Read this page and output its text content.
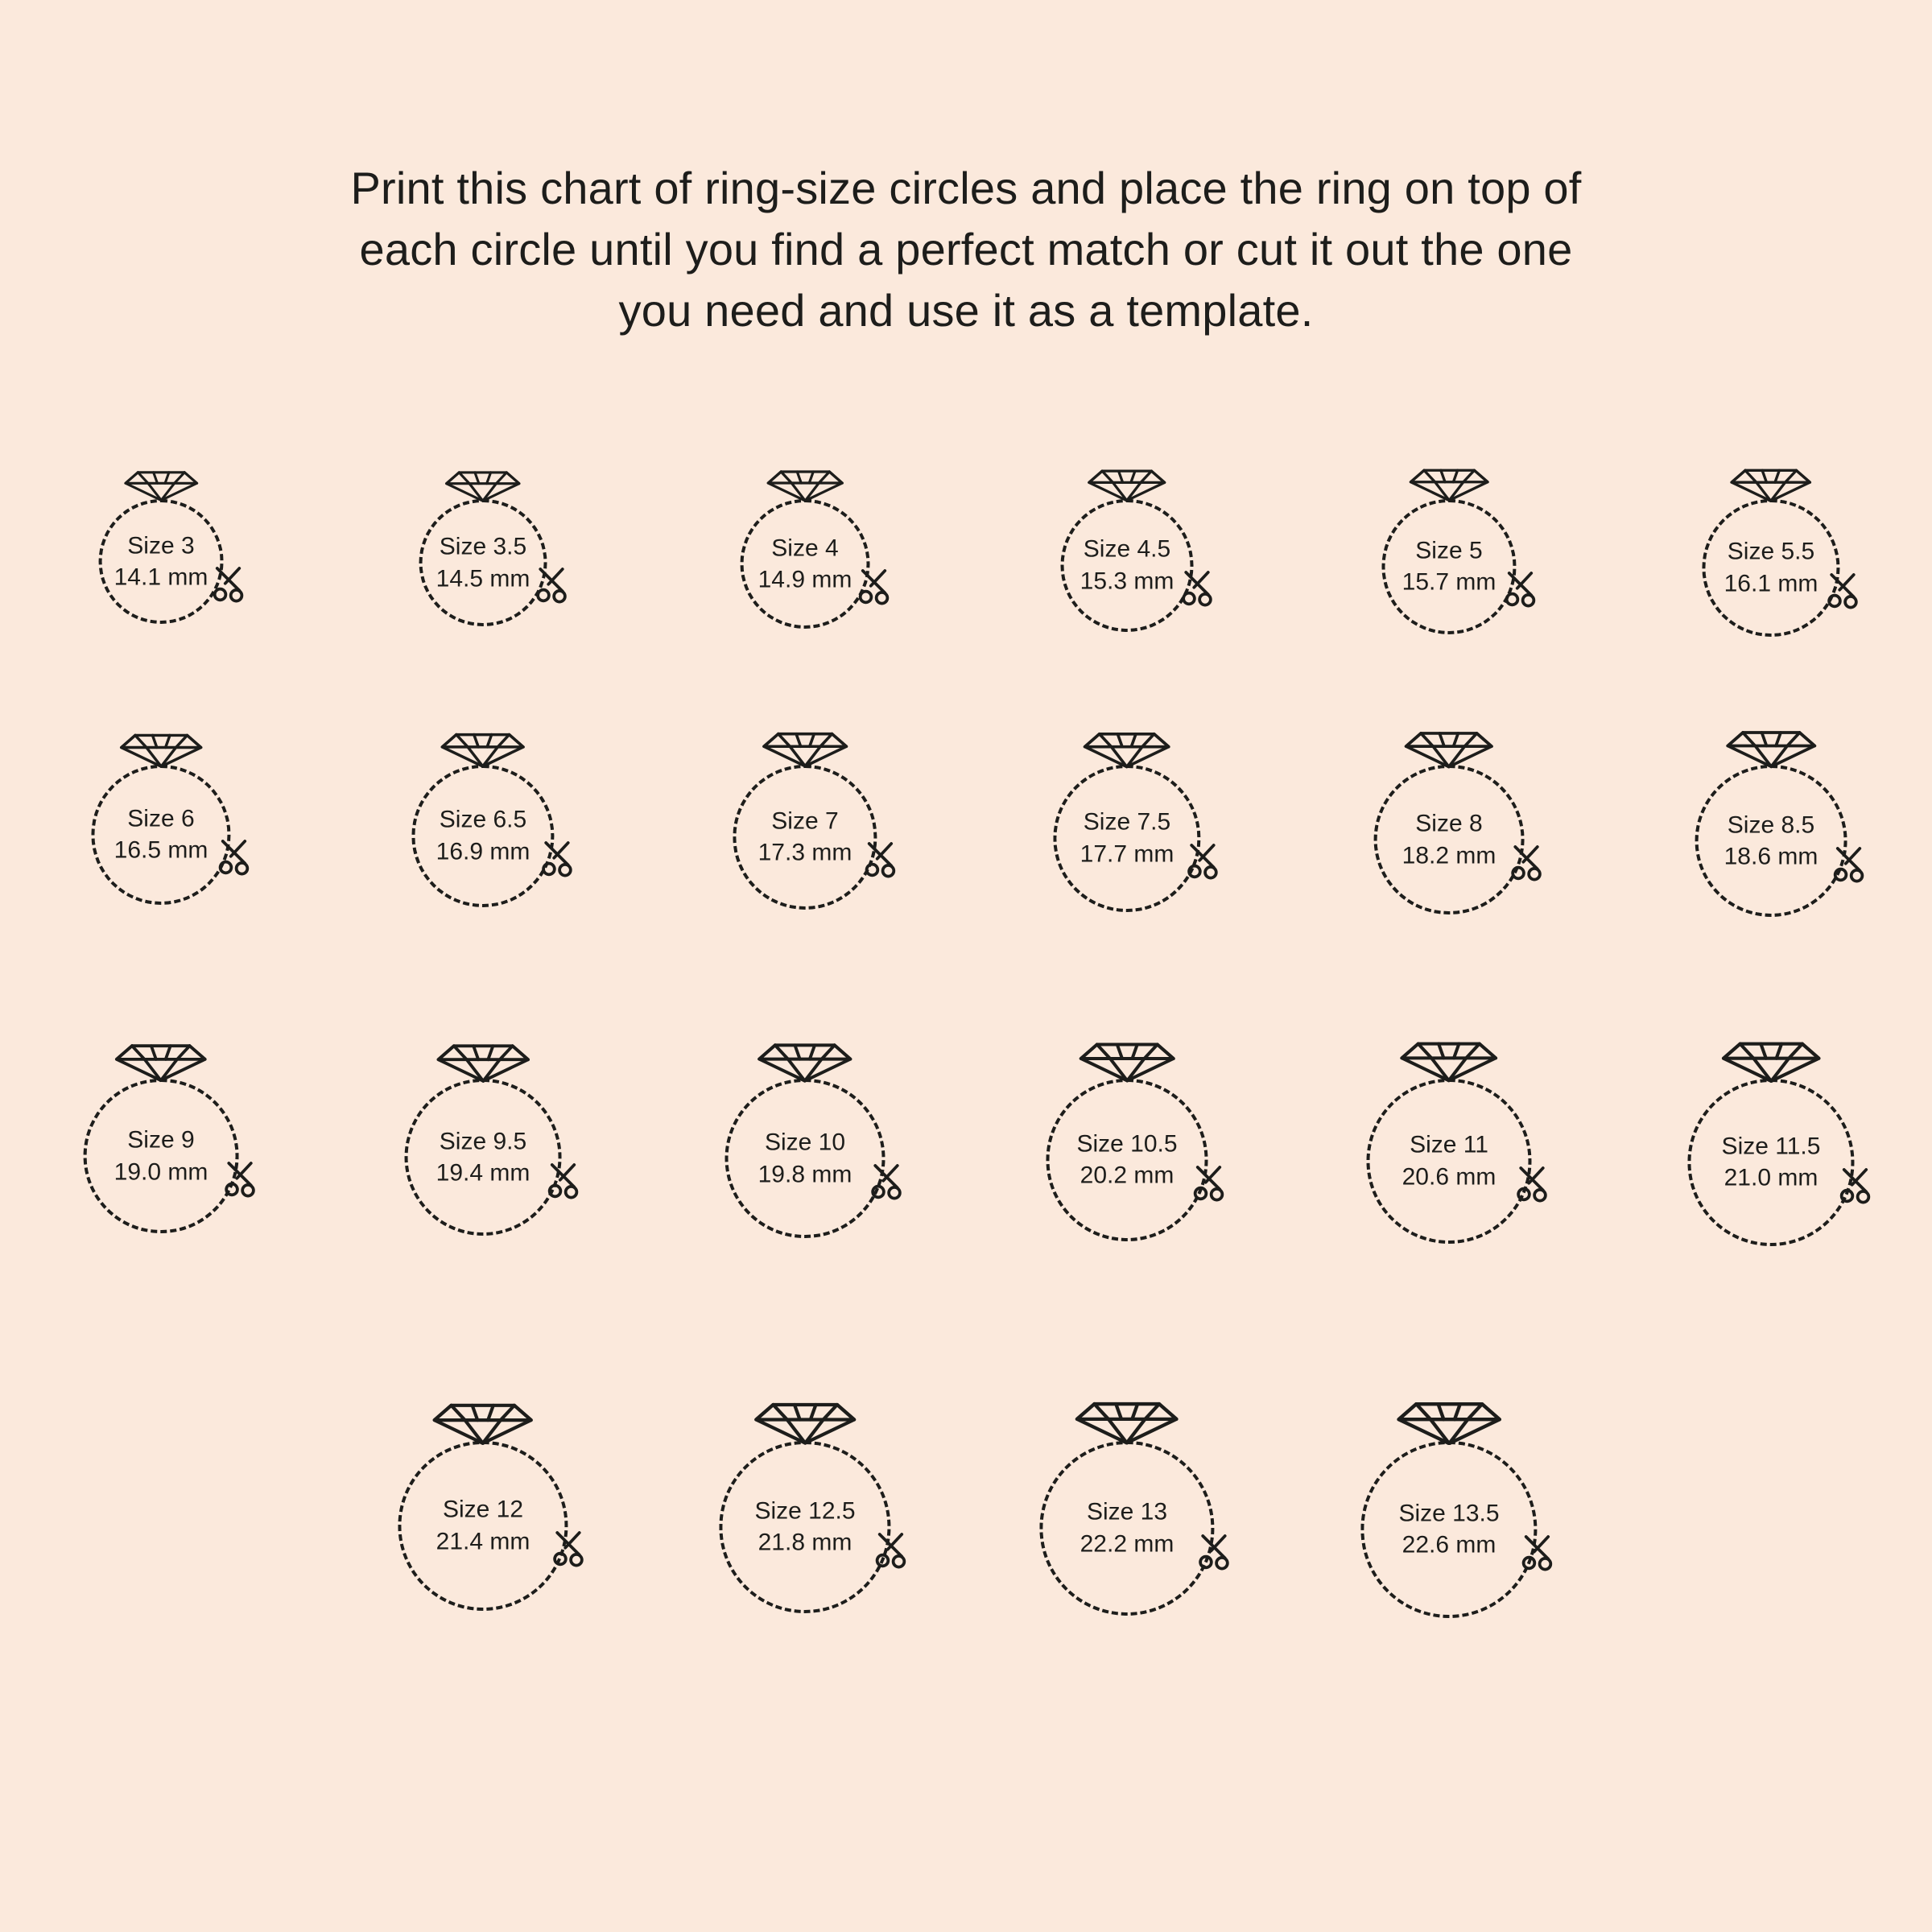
Print this chart of ring-size circles and place the ring on top of each circle until you find a perfect match or cut it out the one you need and use it as a template.
Size 3
14.1 mm
Size 3.5
14.5 mm
Size 4
14.9 mm
Size 4.5
15.3 mm
Size 5
15.7 mm
Size 5.5
16.1 mm
Size 6
16.5 mm
Size 6.5
16.9 mm
Size 7
17.3 mm
Size 7.5
17.7 mm
Size 8
18.2 mm
Size 8.5
18.6 mm
Size 9
19.0 mm
Size 9.5
19.4 mm
Size 10
19.8 mm
Size 10.5
20.2 mm
Size 11
20.6 mm
Size 11.5
21.0 mm
Size 12
21.4 mm
Size 12.5
21.8 mm
Size 13
22.2 mm
Size 13.5
22.6 mm
